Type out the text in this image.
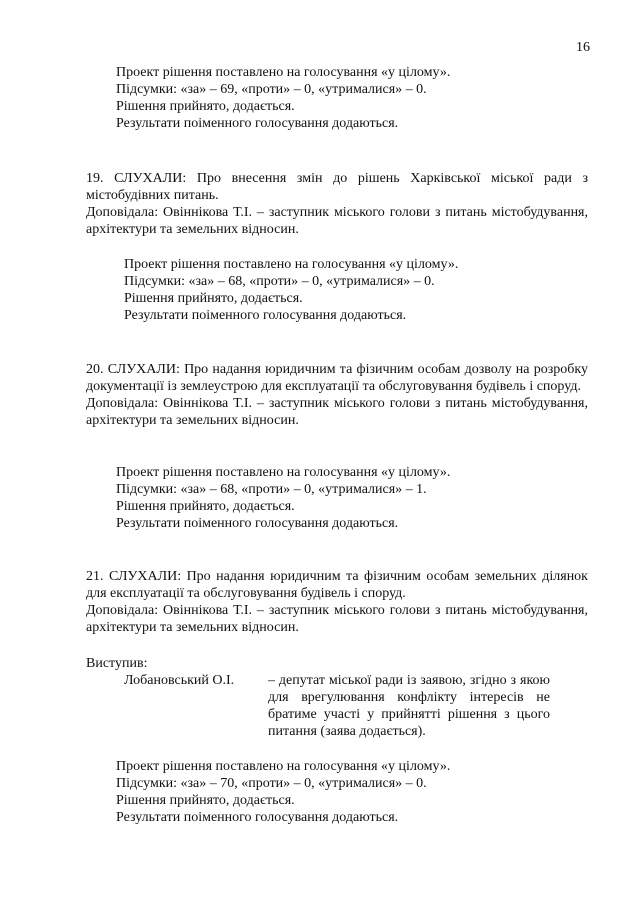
16
Проект рішення поставлено на голосування «у цілому».
Підсумки: «за» – 69, «проти» – 0, «утрималися» – 0.
Рішення прийнято, додається.
Результати поіменного голосування додаються.

19. СЛУХАЛИ: Про внесення змін до рішень Харківської міської ради з містобудівних питань.

Доповідала: Овіннікова Т.І. – заступник міського голови з питань містобудування, архітектури та земельних відносин.

Проект рішення поставлено на голосування «у цілому».
Підсумки: «за» – 68, «проти» – 0, «утрималися» – 0.
Рішення прийнято, додається.
Результати поіменного голосування додаються.

20. СЛУХАЛИ: Про надання юридичним та фізичним особам дозволу на розробку документації із землеустрою для експлуатації та обслуговування будівель і споруд.

Доповідала: Овіннікова Т.І. – заступник міського голови з питань містобудування, архітектури та земельних відносин.

Проект рішення поставлено на голосування «у цілому».
Підсумки: «за» – 68, «проти» – 0, «утрималися» – 1.
Рішення прийнято, додається.
Результати поіменного голосування додаються.

21. СЛУХАЛИ: Про надання юридичним та фізичним особам земельних ділянок для експлуатації та обслуговування будівель і споруд.

Доповідала: Овіннікова Т.І. – заступник міського голови з питань містобудування, архітектури та земельних відносин.

Виступив:
Лобановський О.І. – депутат міської ради із заявою, згідно з якою для врегулювання конфлікту інтересів не братиме участі у прийнятті рішення з цього питання (заява додається).

Проект рішення поставлено на голосування «у цілому».
Підсумки: «за» – 70, «проти» – 0, «утрималися» – 0.
Рішення прийнято, додається.
Результати поіменного голосування додаються.
